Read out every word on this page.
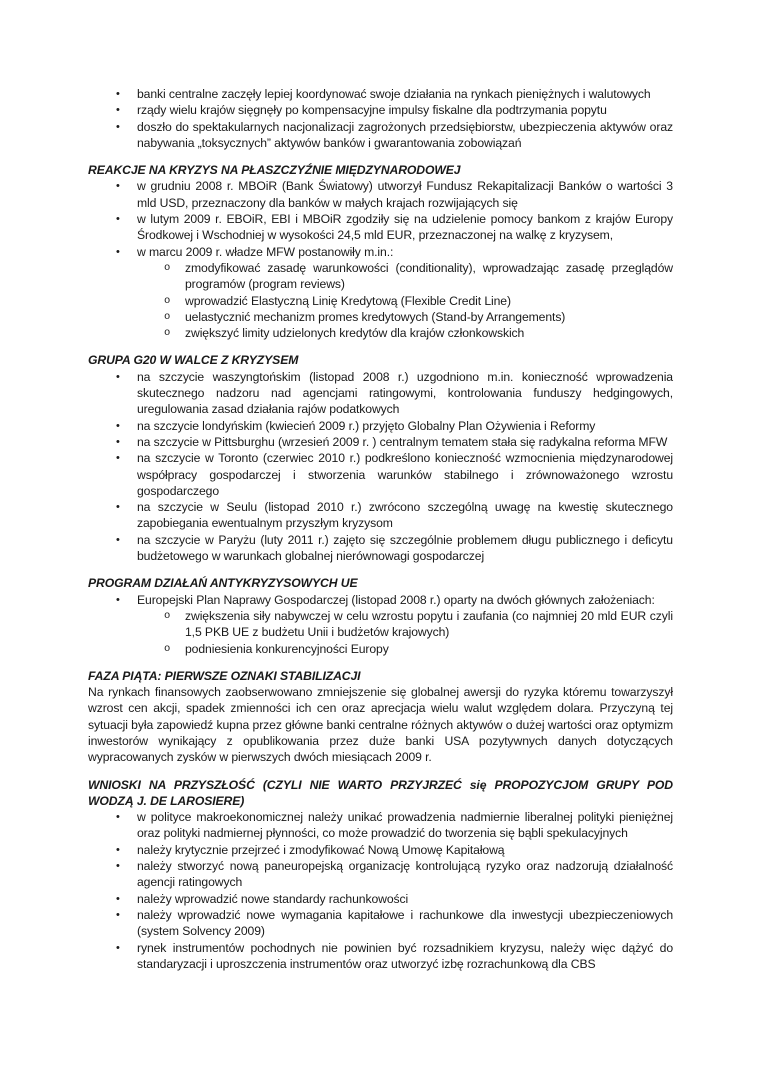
•	banki centralne zaczęły lepiej koordynować swoje działania na rynkach pieniężnych i walutowych
•	rządy wielu krajów sięgnęły po kompensacyjne impulsy fiskalne dla podtrzymania popytu
•	doszło do spektakularnych nacjonalizacji zagrożonych przedsiębiorstw, ubezpieczenia aktywów oraz nabywania „toksycznych” aktywów banków i gwarantowania zobowiązań
REAKCJE NA KRYZYS NA PŁASZCZYŹNIE MIĘDZYNARODOWEJ
•	w grudniu 2008 r. MBOiR (Bank Światowy) utworzył Fundusz Rekapitalizacji Banków o wartości 3 mld USD, przeznaczony dla banków w małych krajach rozwijających się
•	w lutym 2009 r. EBOiR, EBI i MBOiR zgodziły się na udzielenie pomocy bankom z krajów Europy Środkowej i Wschodniej w wysokości 24,5 mld EUR, przeznaczonej na walkę z kryzysem,
•	w marcu 2009 r. władze MFW postanowiły m.in.:
o	zmodyfikować zasadę warunkowości (conditionality), wprowadzając zasadę przeglądów programów (program reviews)
o	wprowadzić Elastyczną Linię Kredytową (Flexible Credit Line)
o	uelastycznić mechanizm promes kredytowych (Stand-by Arrangements)
o	zwiększyć limity udzielonych kredytów dla krajów członkowskich
GRUPA G20 W WALCE Z KRYZYSEM
•	na szczycie waszyngtońskim (listopad 2008 r.) uzgodniono m.in. konieczność wprowadzenia skutecznego nadzoru nad agencjami ratingowymi, kontrolowania funduszy hedgingowych, uregulowania zasad działania rajów podatkowych
•	na szczycie londyńskim (kwiecień 2009 r.) przyjęto Globalny Plan Ożywienia i Reformy
•	na szczycie w Pittsburghu (wrzesień 2009 r. ) centralnym tematem stała się radykalna reforma MFW
•	na szczycie w Toronto (czerwiec 2010 r.) podkreślono konieczność wzmocnienia międzynarodowej współpracy gospodarczej i stworzenia warunków stabilnego i zrównoważonego wzrostu gospodarczego
•	na szczycie w Seulu (listopad 2010 r.) zwrócono szczególną uwagę na kwestię skutecznego zapobiegania ewentualnym przyszłym kryzysom
•	na szczycie w Paryżu (luty 2011 r.) zajęto się szczególnie problemem długu publicznego i deficytu budżetowego w warunkach globalnej nierównowagi gospodarczej
PROGRAM DZIAŁAŃ ANTYKRYZYSOWYCH UE
•	Europejski Plan Naprawy Gospodarczej (listopad 2008 r.) oparty na dwóch głównych założeniach:
o	zwiększenia siły nabywczej w celu wzrostu popytu i zaufania (co najmniej 20 mld EUR czyli 1,5 PKB UE z budżetu Unii i budżetów krajowych)
o	podniesienia konkurencyjności Europy
FAZA PIĄTA: PIERWSZE OZNAKI STABILIZACJI
Na rynkach finansowych zaobserwowano zmniejszenie się globalnej awersji do ryzyka któremu towarzyszył wzrost cen akcji, spadek zmienności ich cen oraz aprecjacja wielu walut względem dolara. Przyczyną tej sytuacji była zapowiedź kupna przez główne banki centralne różnych aktywów o dużej wartości oraz optymizm inwestorów wynikający z opublikowania przez duże banki USA pozytywnych danych dotyczących wypracowanych zysków w pierwszych dwóch miesiącach 2009 r.
WNIOSKI NA PRZYSZŁOŚĆ (CZYLI NIE WARTO PRZYJRZEĆ się PROPOZYCJOM GRUPY POD WODZĄ J. DE LAROSIERE)
•	w polityce makroekonomicznej należy unikać prowadzenia nadmiernie liberalnej polityki pieniężnej oraz polityki nadmiernej płynności, co może prowadzić do tworzenia się bąbli spekulacyjnych
•	należy krytycznie przejrzeć i zmodyfikować Nową Umowę Kapitałową
•	należy stworzyć nową paneuropejską organizację kontrolującą ryzyko oraz nadzorują działalność agencji ratingowych
•	należy wprowadzić nowe standardy rachunkowości
•	należy wprowadzić nowe wymagania kapitałowe i rachunkowe dla inwestycji ubezpieczeniowych (system Solvency 2009)
•	rynek instrumentów pochodnych nie powinien być rozsadnikiem kryzysu, należy więc dążyć do standaryzacji i uproszczenia instrumentów oraz utworzyć izbę rozrachunkową dla CBS
